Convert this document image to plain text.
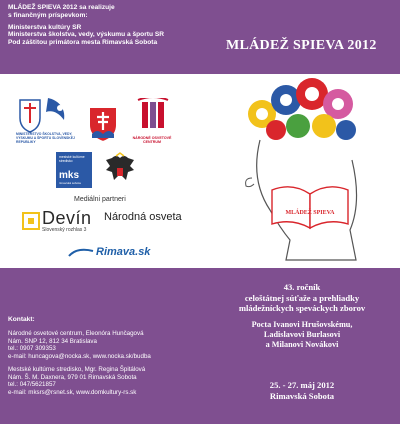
MLÁDEŽ SPIEVA 2012 sa realizuje
s finančným príspevkom:
Ministerstva kultúry SR
Ministerstva školstva, vedy, výskumu a športu SR
Pod záštitou primátora mesta Rimavská Sobota	MLÁDEŽ SPIEVA 2012
MINISTERSTVO ŠKOLSTVA, VEDY, VÝSKUMU A ŠPORTU SLOVENSKEJ REPUBLIKY
NÁRODNÉ OSVETOVÉ CENTRUM
mestské kultúrne stredisko
mks
rimavská sobota
Mediálni partneri
Devín
Slovenský rozhlas 3
Národná osveta
Rimava.sk
MLÁDEŽ SPIEVA
Kontakt:
Národné osvetové centrum, Eleonóra Hunčagová
Nám. SNP 12, 812 34 Bratislava
tel.: 0907 309353
e-mail: huncagova@nocka.sk, www.nocka.sk/budba
Mestské kultúrne stredisko, Mgr. Regina Špitálová
Nám. Š. M. Daxnera, 979 01 Rimavská Sobota
tel.: 047/5621857
e-mail: mksrs@rsnet.sk, www.domkultury-rs.sk
43. ročník
celoštátnej súťaže a prehliadky
mládežníckych speváckych zborov
Pocta Ivanovi Hrušovskému,
Ladislavovi Burlasovi
a Milanovi Novákovi
25. - 27. máj 2012
Rimavská Sobota
